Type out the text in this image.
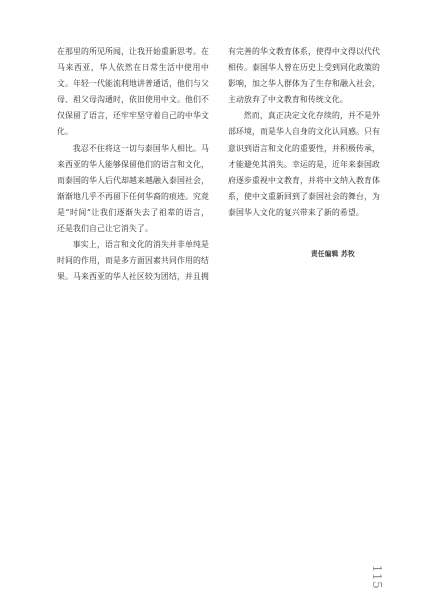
在那里的所见所闻，让我开始重新思考。在马来西亚，华人依然在日常生活中使用中文。年轻一代能流利地讲普通话，他们与父母、祖父母沟通时，依旧使用中文。他们不仅保留了语言，还牢牢坚守着自己的中华文化。

我忍不住将这一切与泰国华人相比。马来西亚的华人能够保留他们的语言和文化，而泰国的华人后代却越来越融入泰国社会，渐渐地几乎不再留下任何华裔的痕迹。究竟是“时间”让我们逐渐失去了祖辈的语言，还是我们自己让它消失了。

事实上，语言和文化的消失并非单纯是时间的作用，而是多方面因素共同作用的结果。马来西亚的华人社区较为团结，并且拥

有完善的华文教育体系，使得中文得以代代相传。泰国华人曾在历史上受到同化政策的影响，加之华人群体为了生存和融入社会，主动放弃了中文教育和传统文化。

然而，真正决定文化存续的，并不是外部环境，而是华人自身的文化认同感。只有意识到语言和文化的重要性，并积极传承，才能避免其消失。幸运的是，近年来泰国政府逐步重视中文教育，并将中文纳入教育体系，使中文重新回到了泰国社会的舞台，为泰国华人文化的复兴带来了新的希望。

责任编辑 苏牧
115
